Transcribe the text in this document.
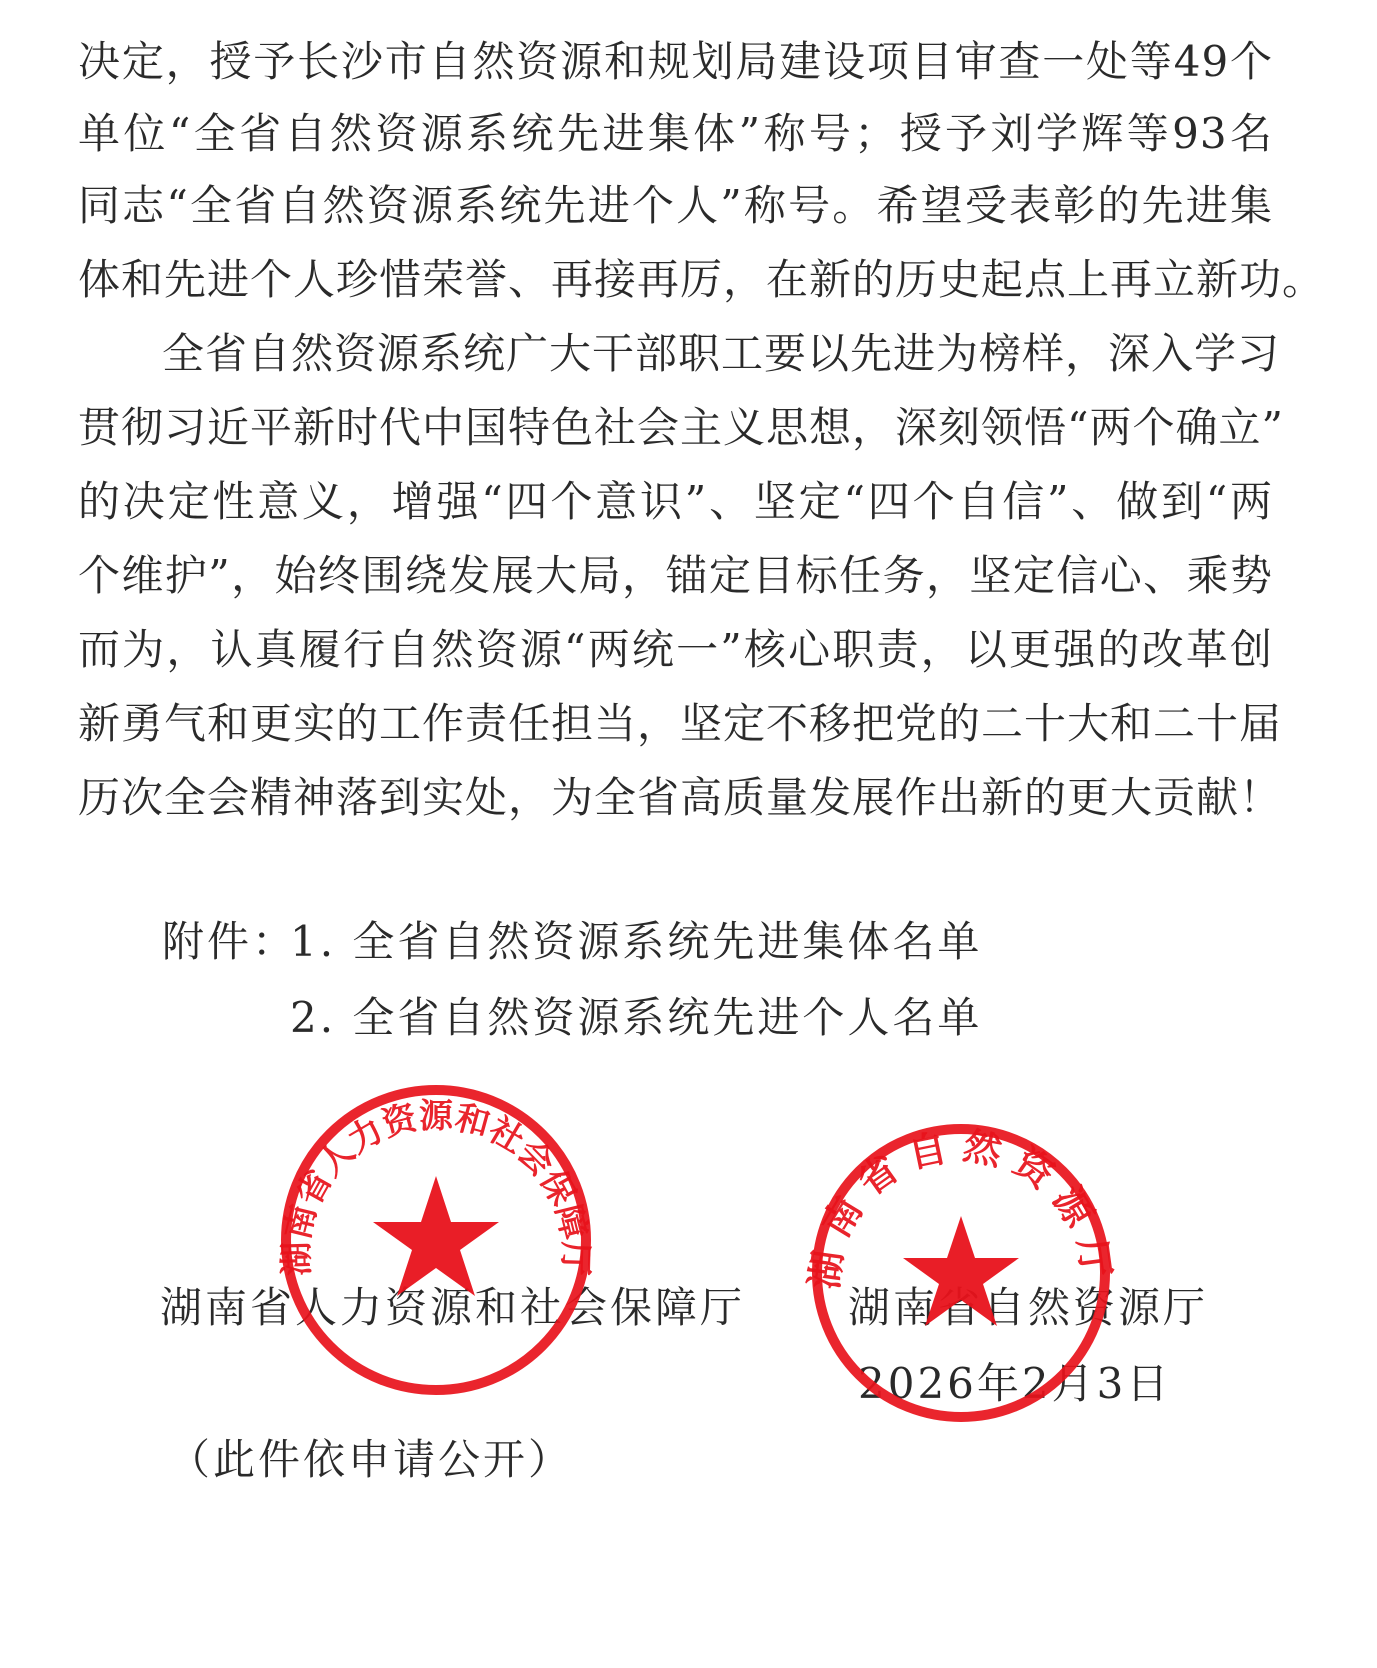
决定，授予长沙市自然资源和规划局建设项目审查一处等49个
单位“全省自然资源系统先进集体”称号；授予刘学辉等93名
同志“全省自然资源系统先进个人”称号。希望受表彰的先进集
体和先进个人珍惜荣誉、再接再厉，在新的历史起点上再立新功。
全省自然资源系统广大干部职工要以先进为榜样，深入学习
贯彻习近平新时代中国特色社会主义思想，深刻领悟“两个确立”
的决定性意义，增强“四个意识”、坚定“四个自信”、做到“两
个维护”，始终围绕发展大局，锚定目标任务，坚定信心、乘势
而为，认真履行自然资源“两统一”核心职责，以更强的改革创
新勇气和更实的工作责任担当，坚定不移把党的二十大和二十届
历次全会精神落到实处，为全省高质量发展作出新的更大贡献！
附件：
1. 全省自然资源系统先进集体名单
2. 全省自然资源系统先进个人名单
湖南省人力资源和社会保障厅 湖南省自然资源厅
2026年2月3日
（此件依申请公开）
湖南省人力资源和社会保障厅	湖南省自然资源厅
